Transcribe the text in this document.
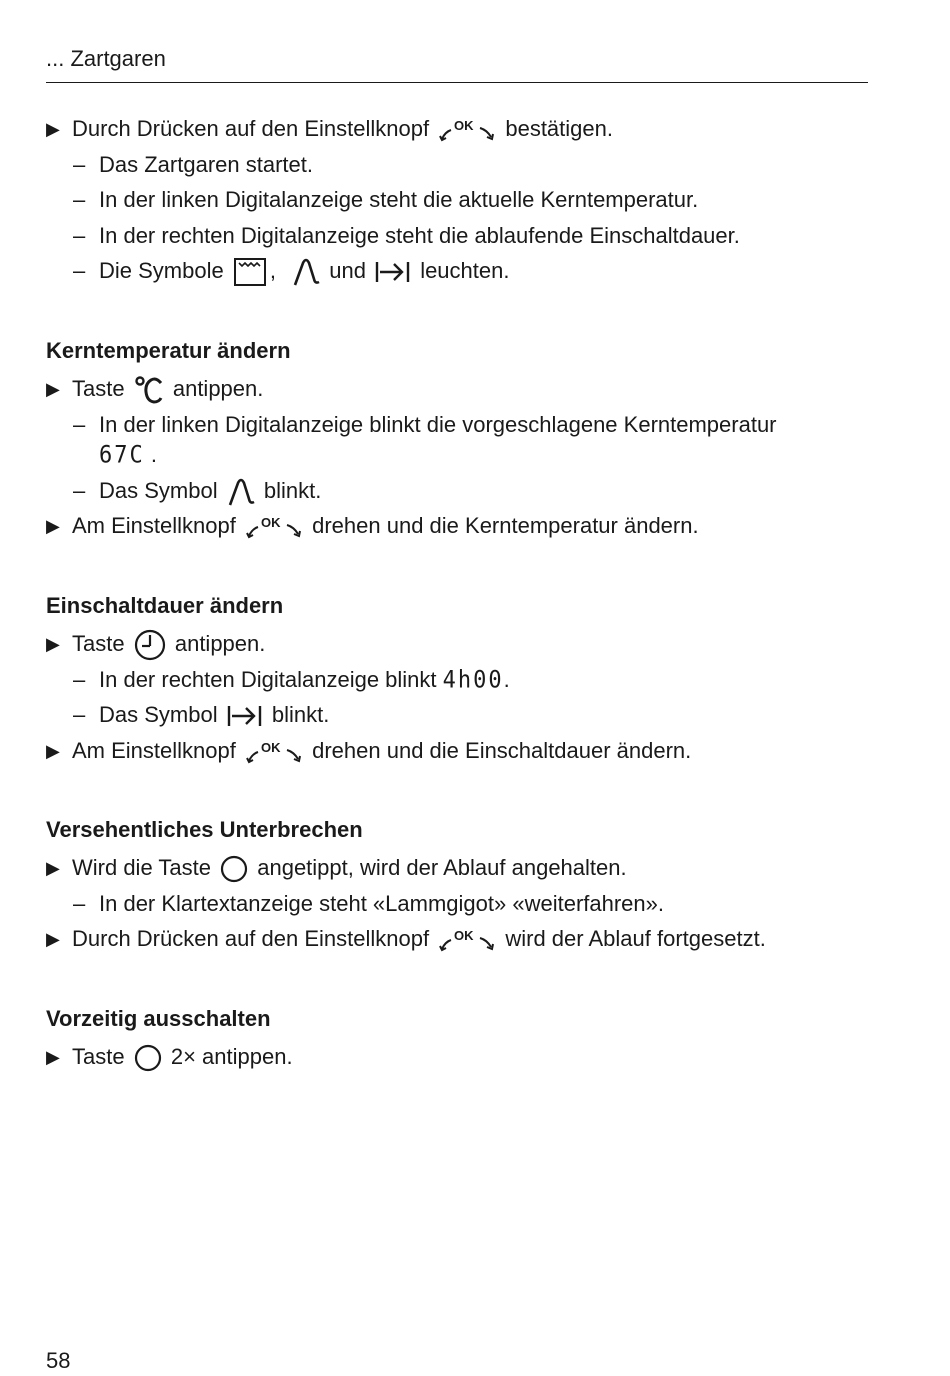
... Zartgaren
▶ Durch Drücken auf den Einstellknopf OK bestätigen.
– Das Zartgaren startet.
– In der linken Digitalanzeige steht die aktuelle Kerntemperatur.
– In der rechten Digitalanzeige steht die ablaufende Einschaltdauer.
– Die Symbole , und leuchten.
Kerntemperatur ändern
▶ Taste antippen.
– In der linken Digitalanzeige blinkt die vorgeschlagene Kerntemperatur
67C .
– Das Symbol blinkt.
▶ Am Einstellknopf OK drehen und die Kerntemperatur ändern.
Einschaltdauer ändern
▶ Taste antippen.
– In der rechten Digitalanzeige blinkt 4h00.
– Das Symbol blinkt.
▶ Am Einstellknopf OK drehen und die Einschaltdauer ändern.
Versehentliches Unterbrechen
▶ Wird die Taste angetippt, wird der Ablauf angehalten.
– In der Klartextanzeige steht «Lammgigot» «weiterfahren».
▶ Durch Drücken auf den Einstellknopf OK wird der Ablauf fortgesetzt.
Vorzeitig ausschalten
▶ Taste 2× antippen.
58
